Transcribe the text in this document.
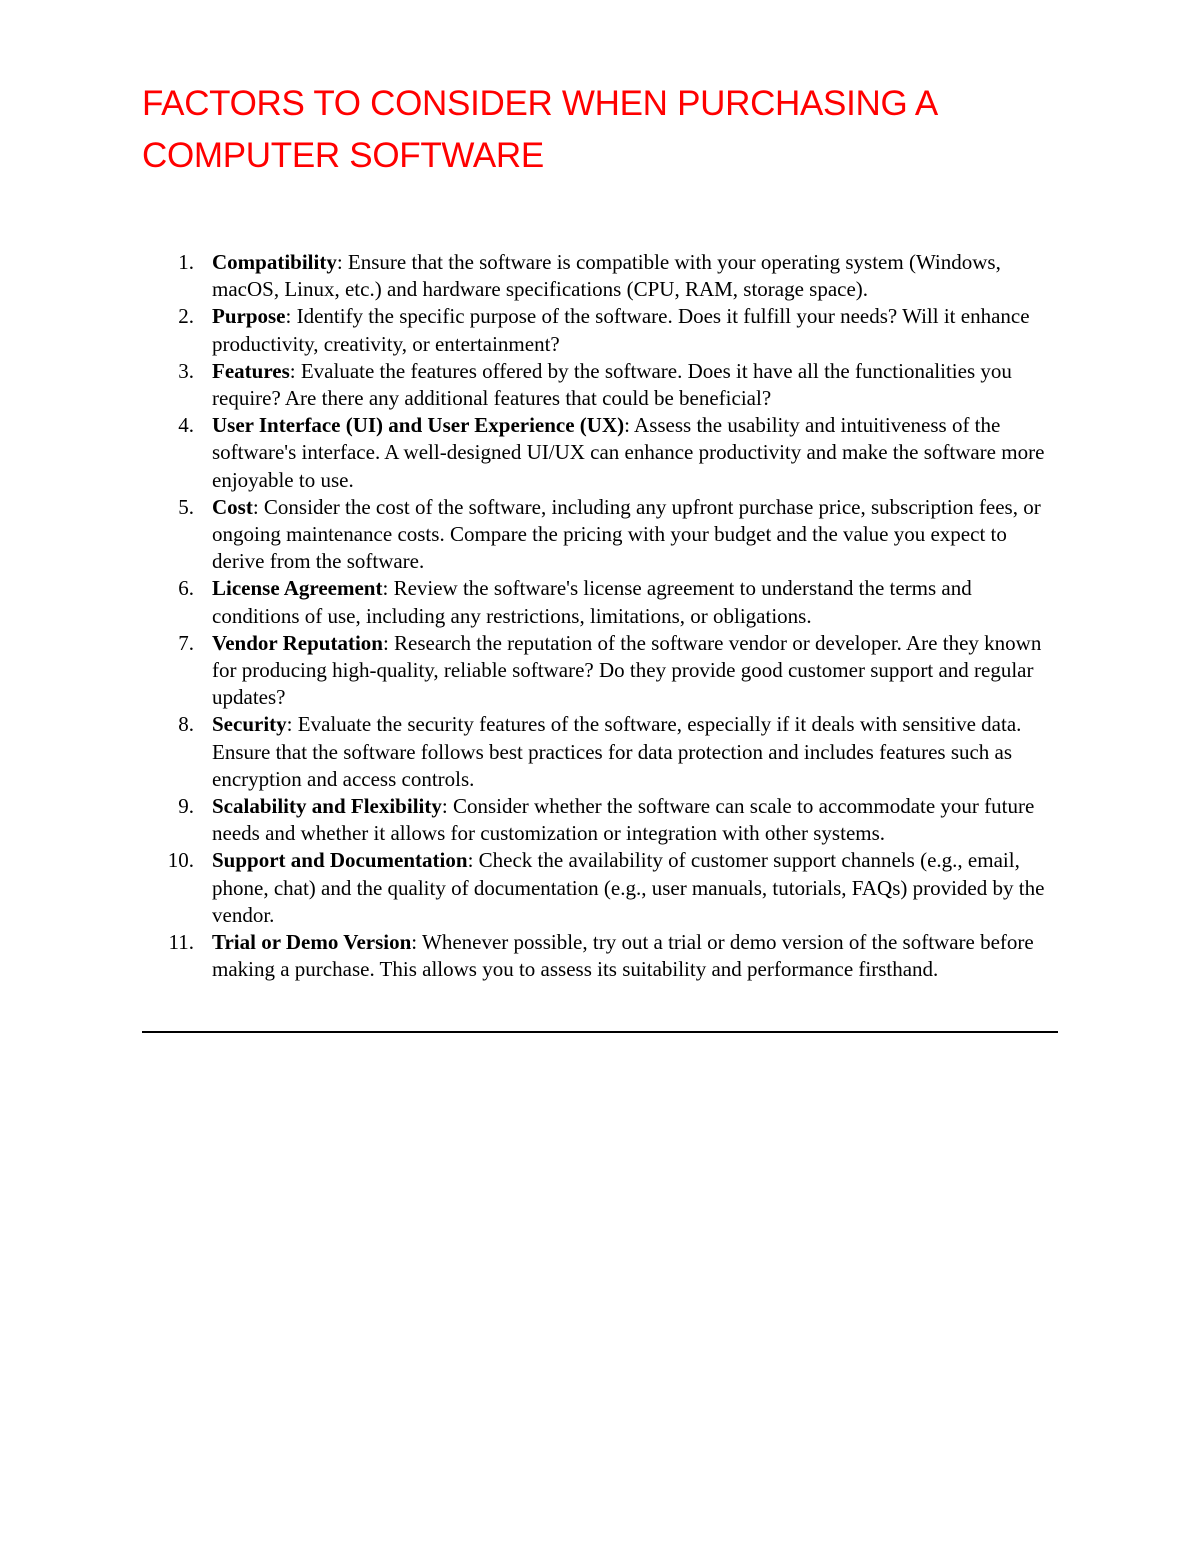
FACTORS TO CONSIDER WHEN PURCHASING A COMPUTER SOFTWARE
1. Compatibility: Ensure that the software is compatible with your operating system (Windows, macOS, Linux, etc.) and hardware specifications (CPU, RAM, storage space).
2. Purpose: Identify the specific purpose of the software. Does it fulfill your needs? Will it enhance productivity, creativity, or entertainment?
3. Features: Evaluate the features offered by the software. Does it have all the functionalities you require? Are there any additional features that could be beneficial?
4. User Interface (UI) and User Experience (UX): Assess the usability and intuitiveness of the software's interface. A well-designed UI/UX can enhance productivity and make the software more enjoyable to use.
5. Cost: Consider the cost of the software, including any upfront purchase price, subscription fees, or ongoing maintenance costs. Compare the pricing with your budget and the value you expect to derive from the software.
6. License Agreement: Review the software's license agreement to understand the terms and conditions of use, including any restrictions, limitations, or obligations.
7. Vendor Reputation: Research the reputation of the software vendor or developer. Are they known for producing high-quality, reliable software? Do they provide good customer support and regular updates?
8. Security: Evaluate the security features of the software, especially if it deals with sensitive data. Ensure that the software follows best practices for data protection and includes features such as encryption and access controls.
9. Scalability and Flexibility: Consider whether the software can scale to accommodate your future needs and whether it allows for customization or integration with other systems.
10. Support and Documentation: Check the availability of customer support channels (e.g., email, phone, chat) and the quality of documentation (e.g., user manuals, tutorials, FAQs) provided by the vendor.
11. Trial or Demo Version: Whenever possible, try out a trial or demo version of the software before making a purchase. This allows you to assess its suitability and performance firsthand.
